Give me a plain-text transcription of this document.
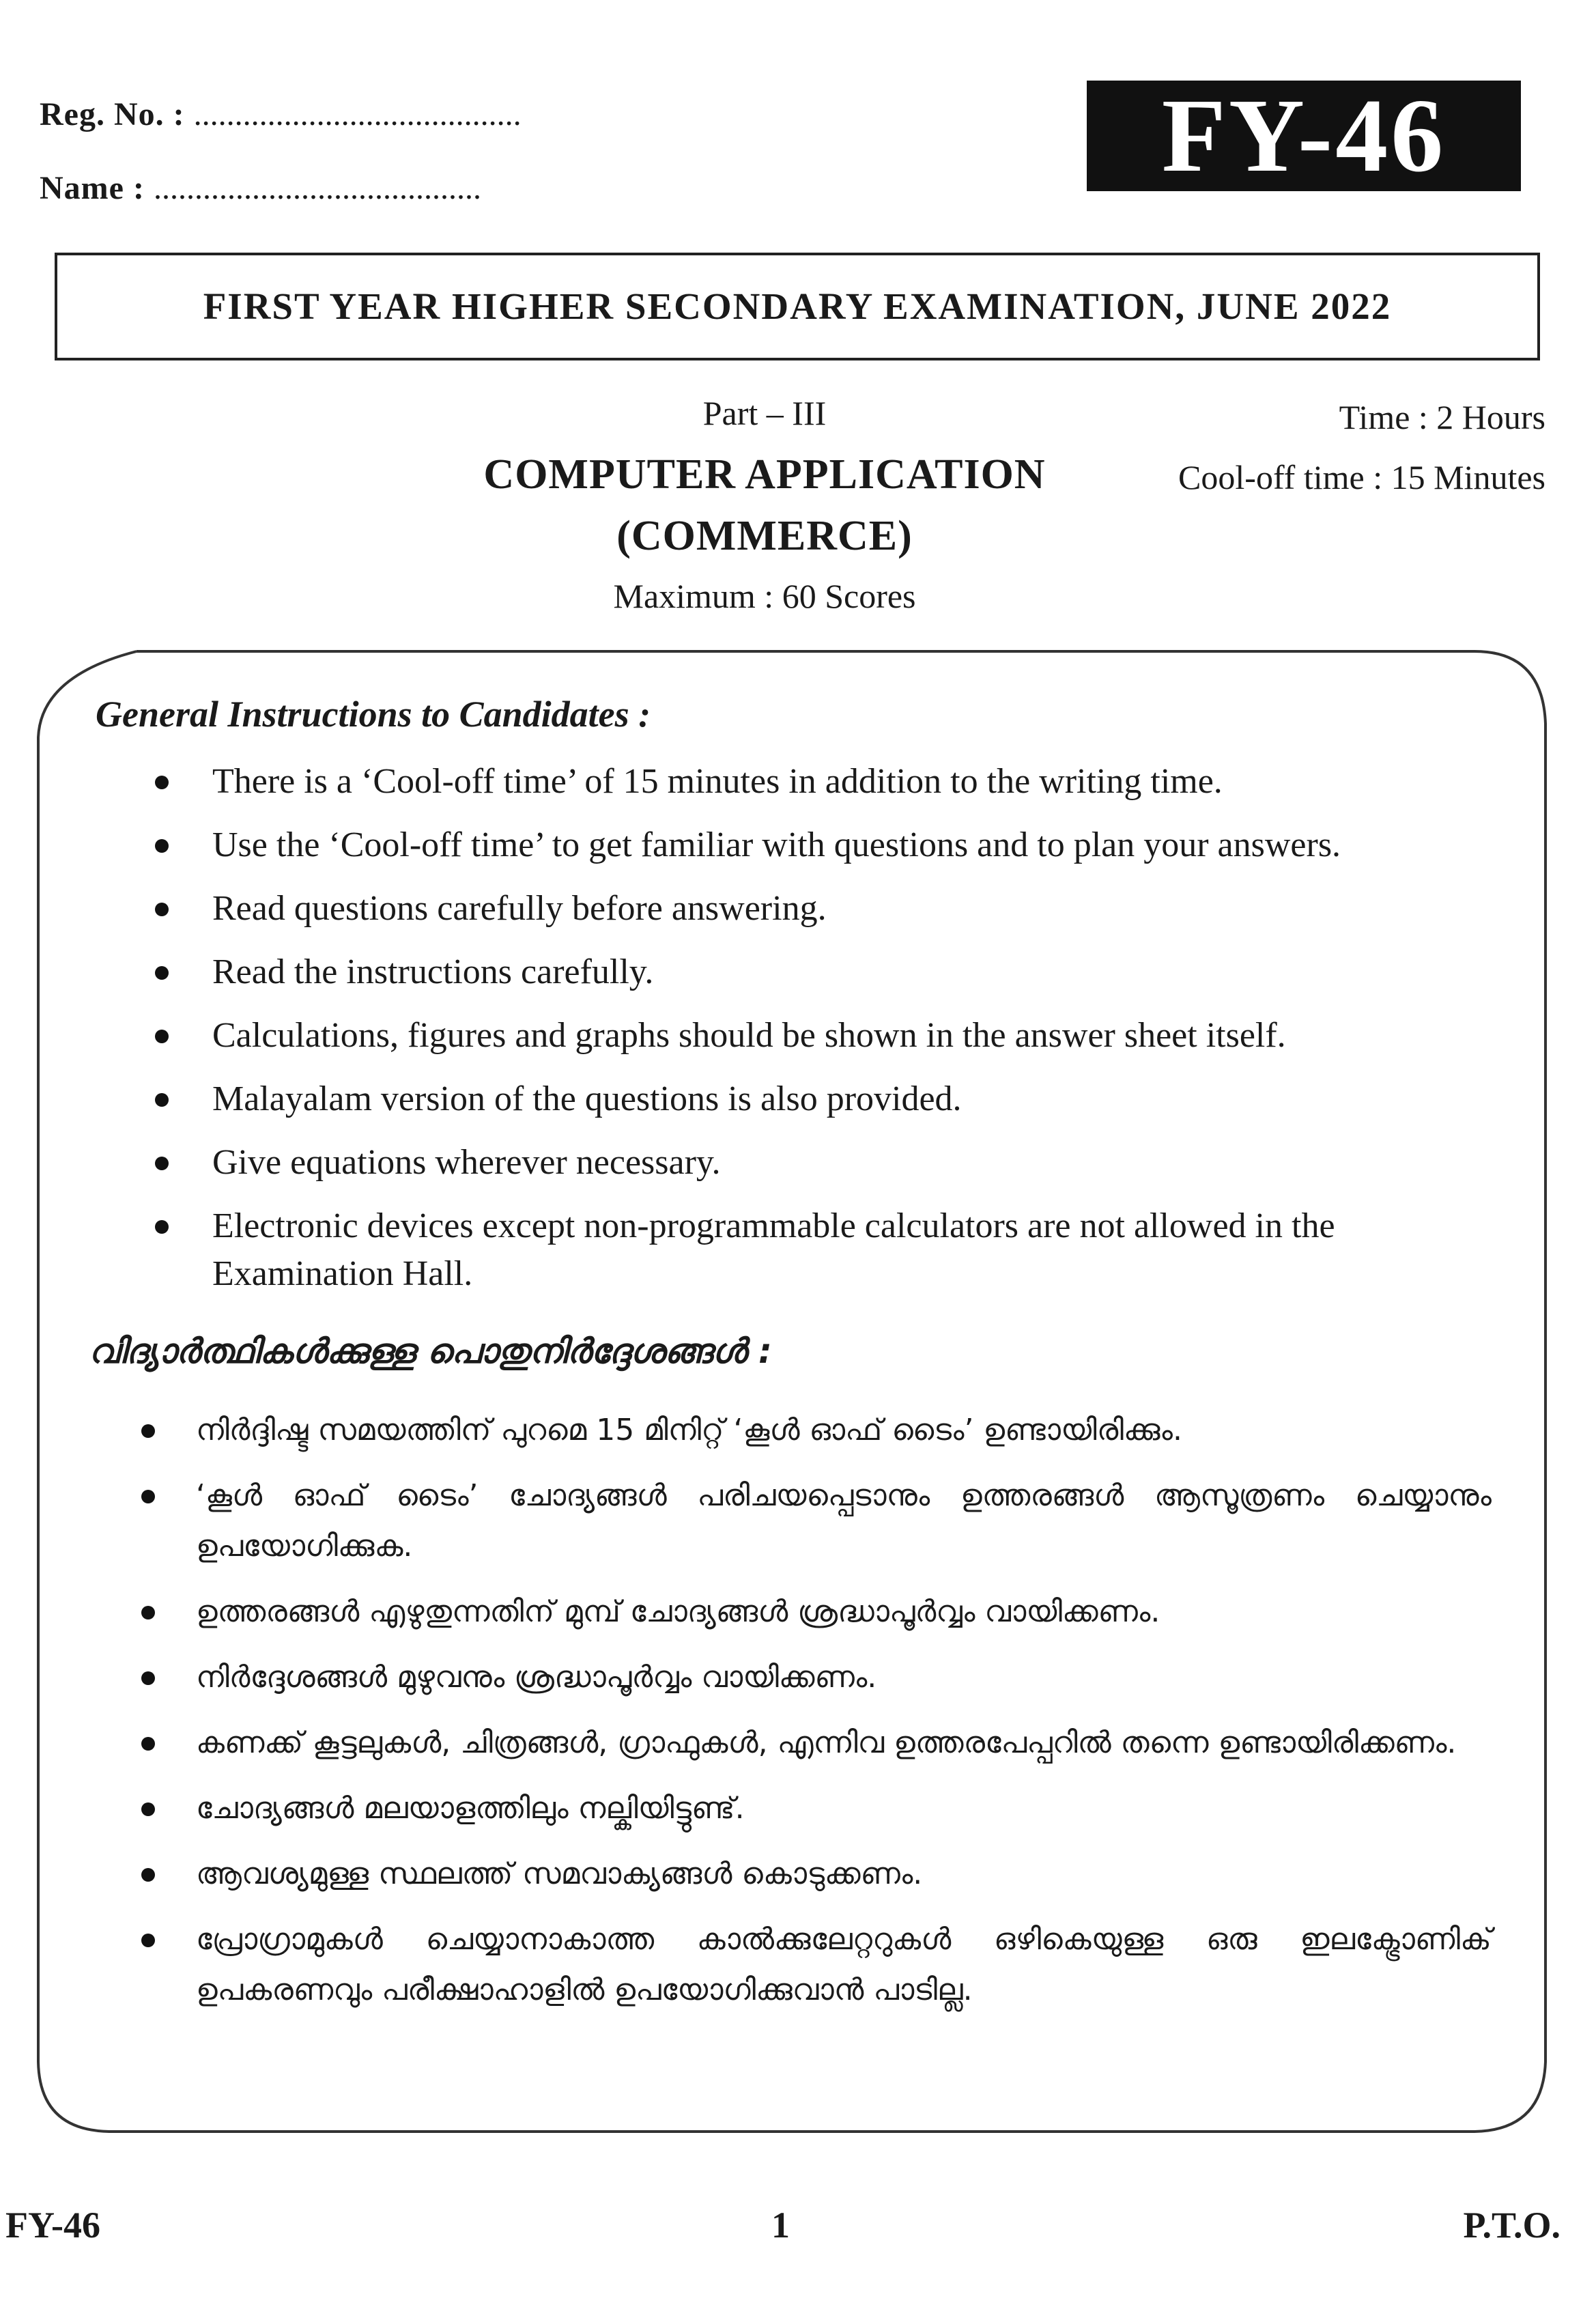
Reg. No. : ........................................
Name : ........................................	FY-46
FIRST YEAR HIGHER SECONDARY EXAMINATION, JUNE 2022
Part – III
COMPUTER APPLICATION
(COMMERCE)
Maximum : 60 Scores
Time : 2 Hours
Cool-off time : 15 Minutes
General Instructions to Candidates :
There is a ‘Cool-off time’ of 15 minutes in addition to the writing time.
Use the ‘Cool-off time’ to get familiar with questions and to plan your answers.
Read questions carefully before answering.
Read the instructions carefully.
Calculations, figures and graphs should be shown in the answer sheet itself.
Malayalam version of the questions is also provided.
Give equations wherever necessary.
Electronic devices except non-programmable calculators are not allowed in the Examination Hall.
വിദ്യാർത്ഥികൾക്കുള്ള പൊതുനിർദ്ദേശങ്ങൾ :
നിർദ്ദിഷ്ട സമയത്തിന് പുറമെ 15 മിനിറ്റ് ‘കൂൾ ഓഫ് ടൈം’ ഉണ്ടായിരിക്കും.
‘കൂൾ ഓഫ് ടൈം’ ചോദ്യങ്ങൾ പരിചയപ്പെടാനും ഉത്തരങ്ങൾ ആസൂത്രണം ചെയ്യാനും ഉപയോഗിക്കുക.
ഉത്തരങ്ങൾ എഴുതുന്നതിന് മുമ്പ് ചോദ്യങ്ങൾ ശ്രദ്ധാപൂർവ്വം വായിക്കണം.
നിർദ്ദേശങ്ങൾ മുഴുവനും ശ്രദ്ധാപൂർവ്വം വായിക്കണം.
കണക്ക് കൂട്ടലുകൾ, ചിത്രങ്ങൾ, ഗ്രാഫുകൾ, എന്നിവ ഉത്തരപേപ്പറിൽ തന്നെ ഉണ്ടായിരിക്കണം.
ചോദ്യങ്ങൾ മലയാളത്തിലും നല്കിയിട്ടുണ്ട്.
ആവശ്യമുള്ള സ്ഥലത്ത് സമവാക്യങ്ങൾ കൊടുക്കണം.
പ്രോഗ്രാമുകൾ ചെയ്യാനാകാത്ത കാൽക്കുലേറ്ററുകൾ ഒഴികെയുള്ള ഒരു ഇലക്ട്രോണിക് ഉപകരണവും പരീക്ഷാഹാളിൽ ഉപയോഗിക്കുവാൻ പാടില്ല.
FY-46	1	P.T.O.
